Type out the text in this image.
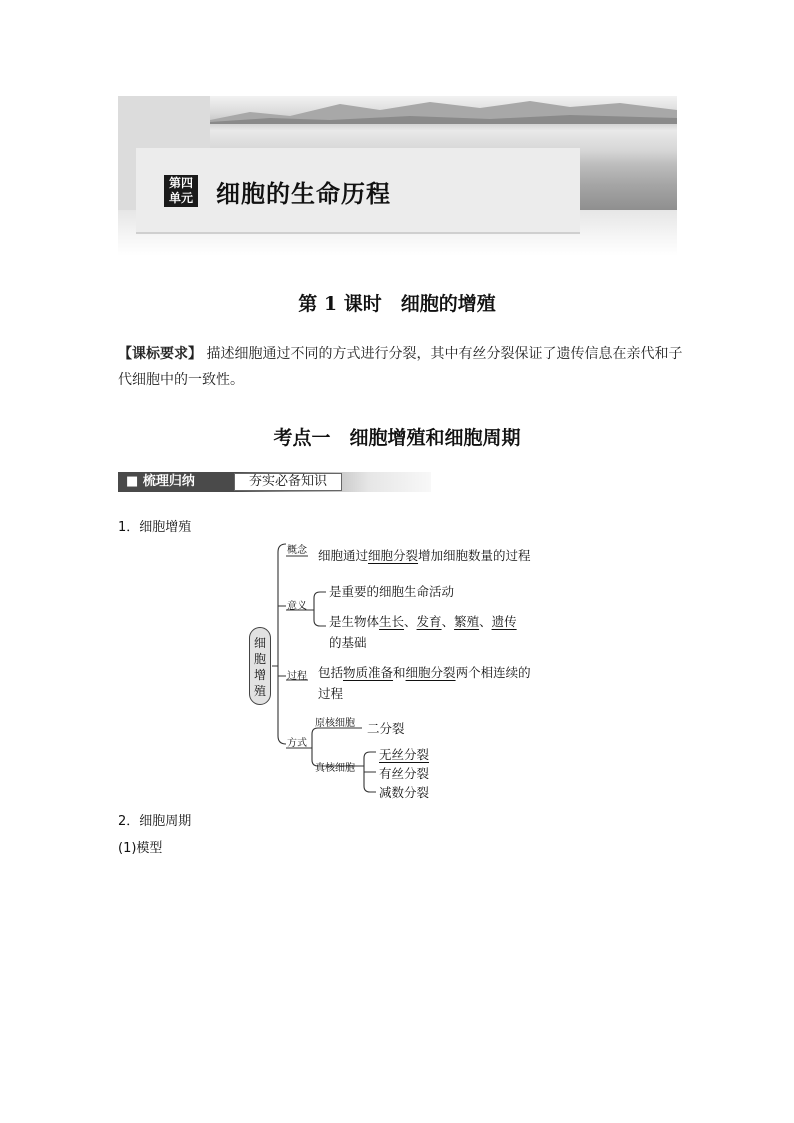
第四
单元 细胞的生命历程
第 1 课时　细胞的增殖
【课标要求】 描述细胞通过不同的方式进行分裂，其中有丝分裂保证了遗传信息在亲代和子代细胞中的一致性。
考点一　细胞增殖和细胞周期
■ 梳理归纳	夯实必备知识
1．细胞增殖
细
胞
增
殖
概念 细胞通过细胞分裂增加细胞数量的过程
意义
是重要的细胞生命活动
是生物体生长、发育、繁殖、遗传
的基础
过程 包括物质准备和细胞分裂两个相连续的
过程
方式
原核细胞 二分裂
真核细胞
无丝分裂
有丝分裂
减数分裂
2．细胞周期
(1)模型
